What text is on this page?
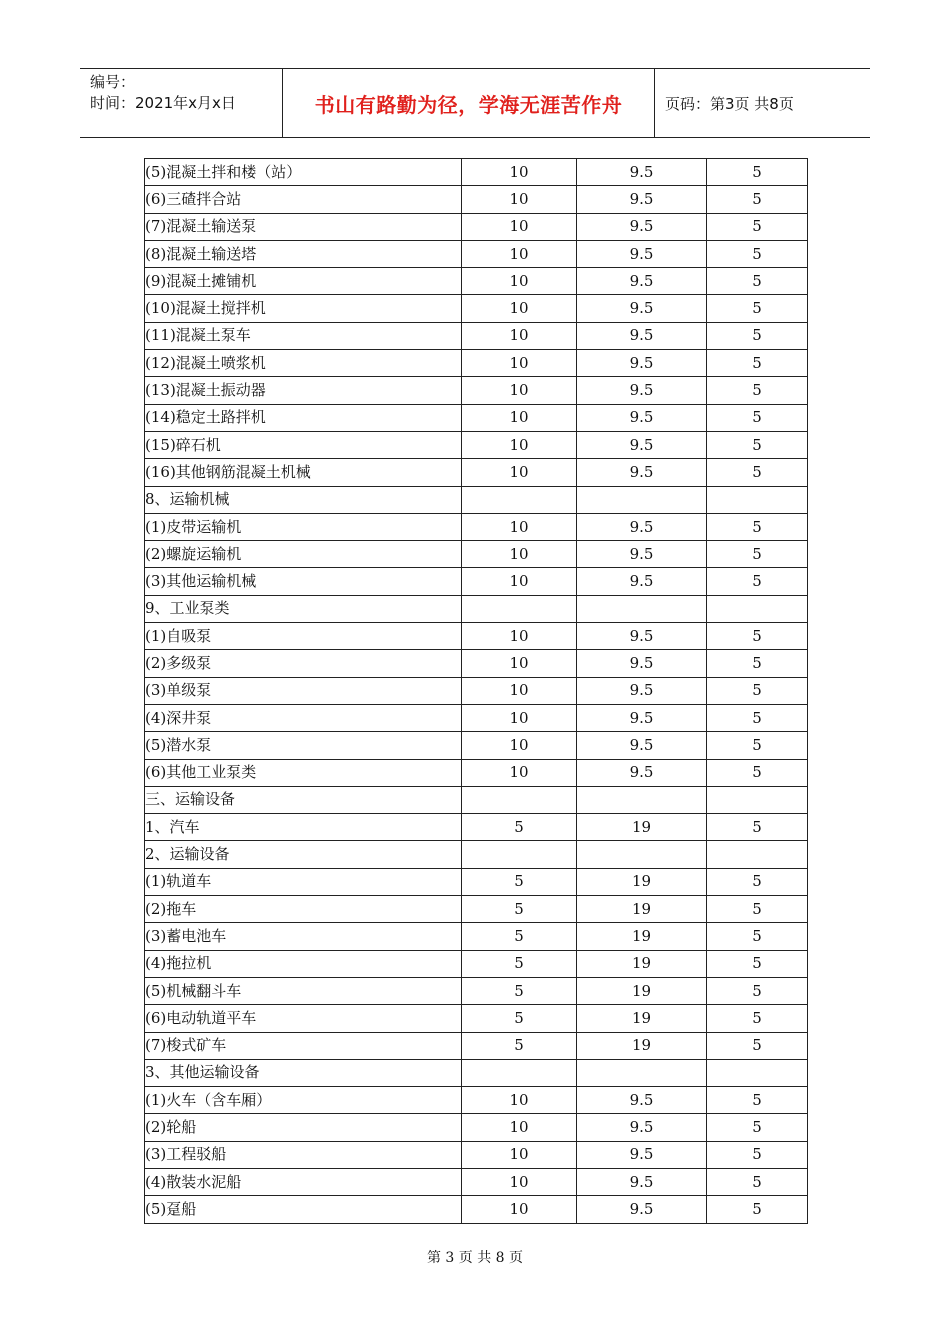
编号：
时间：2021年x月x日	书山有路勤为径，学海无涯苦作舟	页码：第3页 共8页
(5)混凝土拌和楼（站）	10	9.5	5
(6)三碴拌合站	10	9.5	5
(7)混凝土输送泵	10	9.5	5
(8)混凝土输送塔	10	9.5	5
(9)混凝土摊铺机	10	9.5	5
(10)混凝土搅拌机	10	9.5	5
(11)混凝土泵车	10	9.5	5
(12)混凝土喷浆机	10	9.5	5
(13)混凝土振动器	10	9.5	5
(14)稳定土路拌机	10	9.5	5
(15)碎石机	10	9.5	5
(16)其他钢筋混凝土机械	10	9.5	5
8、运输机械			
(1)皮带运输机	10	9.5	5
(2)螺旋运输机	10	9.5	5
(3)其他运输机械	10	9.5	5
9、工业泵类			
(1)自吸泵	10	9.5	5
(2)多级泵	10	9.5	5
(3)单级泵	10	9.5	5
(4)深井泵	10	9.5	5
(5)潜水泵	10	9.5	5
(6)其他工业泵类	10	9.5	5
三、运输设备			
1、汽车	5	19	5
2、运输设备			
(1)轨道车	5	19	5
(2)拖车	5	19	5
(3)蓄电池车	5	19	5
(4)拖拉机	5	19	5
(5)机械翻斗车	5	19	5
(6)电动轨道平车	5	19	5
(7)梭式矿车	5	19	5
3、其他运输设备			
(1)火车（含车厢）	10	9.5	5
(2)轮船	10	9.5	5
(3)工程驳船	10	9.5	5
(4)散装水泥船	10	9.5	5
(5)趸船	10	9.5	5
第 3 页 共 8 页
